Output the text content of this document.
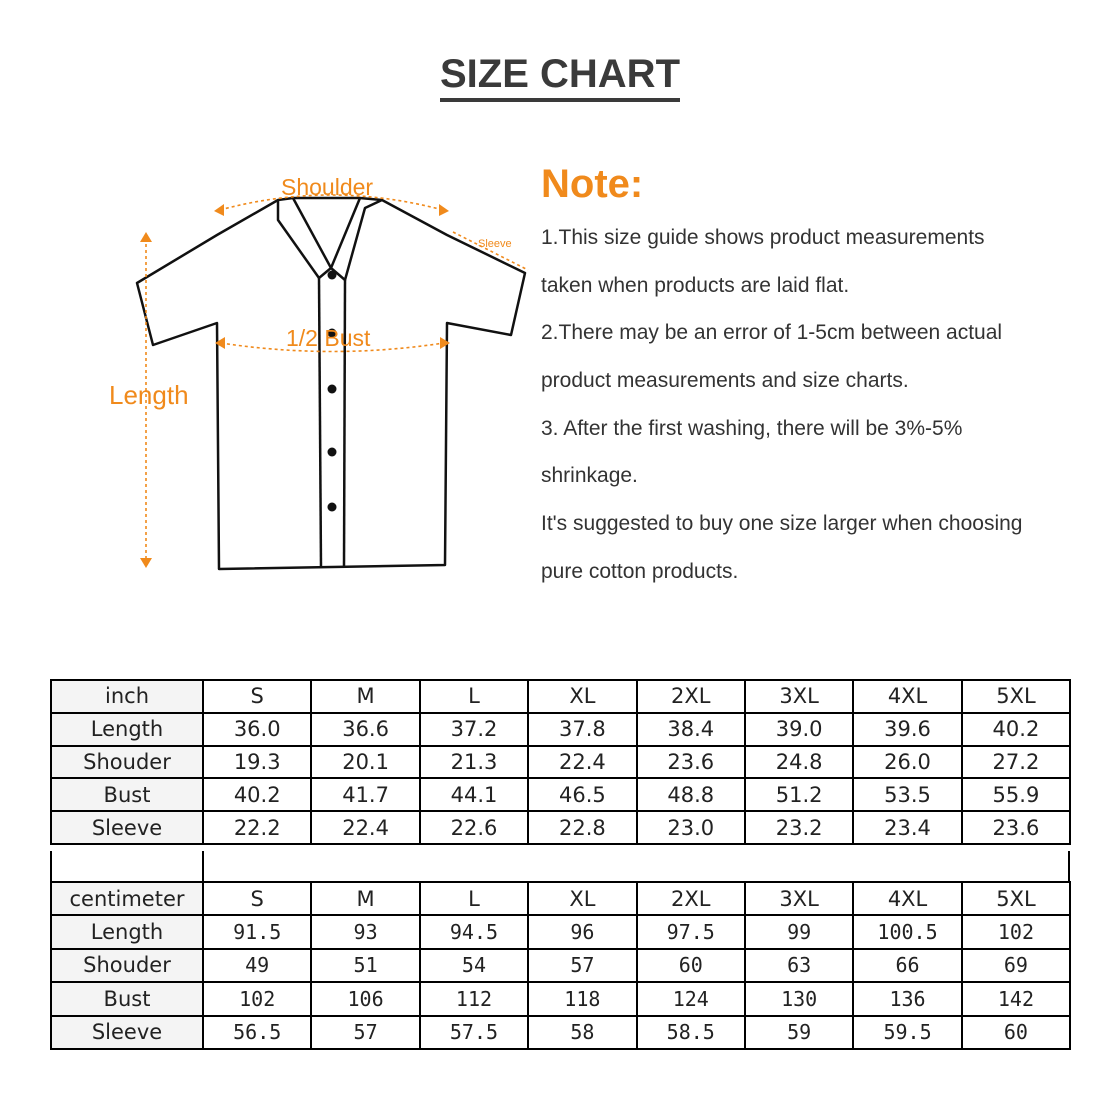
SIZE CHART
Shoulder
Sleeve
1/2 Bust
Length
Note:
1.This size guide shows product measurements
taken when products are laid flat.
2.There may be an error of 1-5cm between actual
product measurements and size charts.
3. After the first washing, there will be 3%-5%
shrinkage.
It's suggested to buy one size larger when choosing
pure cotton products.
inch	S	M	L	XL	2XL	3XL	4XL	5XL
Length	36.0	36.6	37.2	37.8	38.4	39.0	39.6	40.2
Shouder	19.3	20.1	21.3	22.4	23.6	24.8	26.0	27.2
Bust	40.2	41.7	44.1	46.5	48.8	51.2	53.5	55.9
Sleeve	22.2	22.4	22.6	22.8	23.0	23.2	23.4	23.6
centimeter	S	M	L	XL	2XL	3XL	4XL	5XL
Length	91.5	93	94.5	96	97.5	99	100.5	102
Shouder	49	51	54	57	60	63	66	69
Bust	102	106	112	118	124	130	136	142
Sleeve	56.5	57	57.5	58	58.5	59	59.5	60
